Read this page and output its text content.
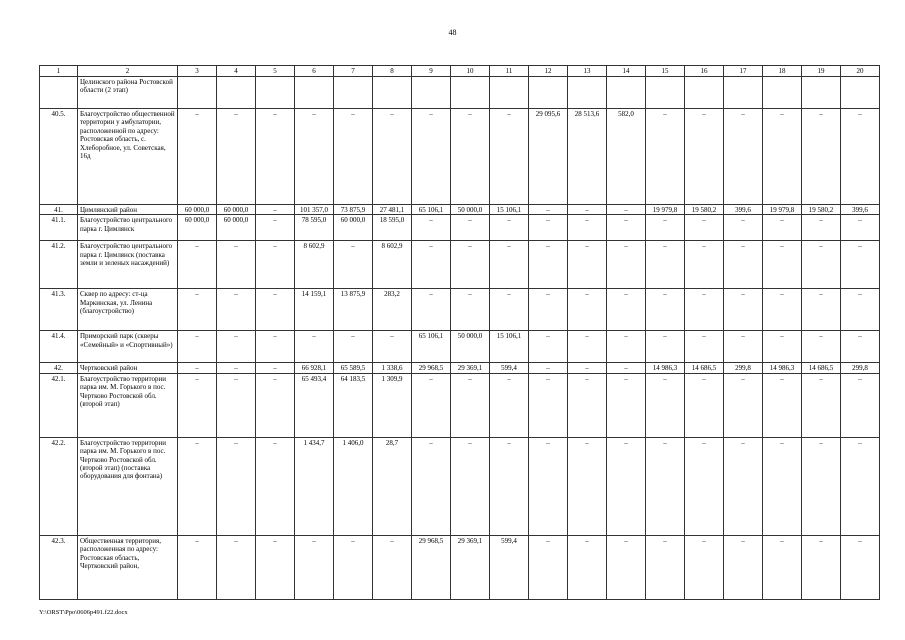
48
1	2	3	4	5	6	7	8	9	10	11	12	13	14	15	16	17	18	19	20
	Целинского района Ростовской области (2 этап)																		
40.5.	Благоустройство общественной территории у амбулатории, расположенной по адресу: Ростовская область, с. Хлеборобное, ул. Советская, 16д	–	–	–	–	–	–	–	–	–	29 095,6	28 513,6	582,0	–	–	–	–	–	–
41.	Цимлянский район	60 000,0	60 000,0	–	101 357,0	73 875,9	27 481,1	65 106,1	50 000,0	15 106,1	–	–	–	19 979,8	19 580,2	399,6	19 979,8	19 580,2	399,6
41.1.	Благоустройство центрального парка г. Цимлянск	60 000,0	60 000,0	–	78 595,0	60 000,0	18 595,0	–	–	–	–	–	–	–	–	–	–	–	–
41.2.	Благоустройство центрального парка г. Цимлянск (поставка земли и зеленых насаждений)	–	–	–	8 602,9	–	8 602,9	–	–	–	–	–	–	–	–	–	–	–	–
41.3.	Сквер по адресу: ст-ца Маркинская, ул. Ленина (благоустройство)	–	–	–	14 159,1	13 875,9	283,2	–	–	–	–	–	–	–	–	–	–	–	–
41.4.	Приморский парк (скверы «Семейный» и «Спортивный»)	–	–	–	–	–	–	65 106,1	50 000,0	15 106,1	–	–	–	–	–	–	–	–	–
42.	Чертковский район	–	–	–	66 928,1	65 589,5	1 338,6	29 968,5	29 369,1	599,4	–	–	–	14 986,3	14 686,5	299,8	14 986,3	14 686,5	299,8
42.1.	Благоустройство территории парка им. М. Горького в пос. Чертково Ростовской обл. (второй этап)	–	–	–	65 493,4	64 183,5	1 309,9	–	–	–	–	–	–	–	–	–	–	–	–
42.2.	Благоустройство территории парка им. М. Горького в пос. Чертково Ростовской обл. (второй этап) (поставка оборудования для фонтана)	–	–	–	1 434,7	1 406,0	28,7	–	–	–	–	–	–	–	–	–	–	–	–
42.3.	Общественная территория, расположенная по адресу: Ростовская область, Чертковский район,	–	–	–	–	–	–	29 968,5	29 369,1	599,4	–	–	–	–	–	–	–	–	–
Y:\ORST\Ppo\0606p491.f22.docx
